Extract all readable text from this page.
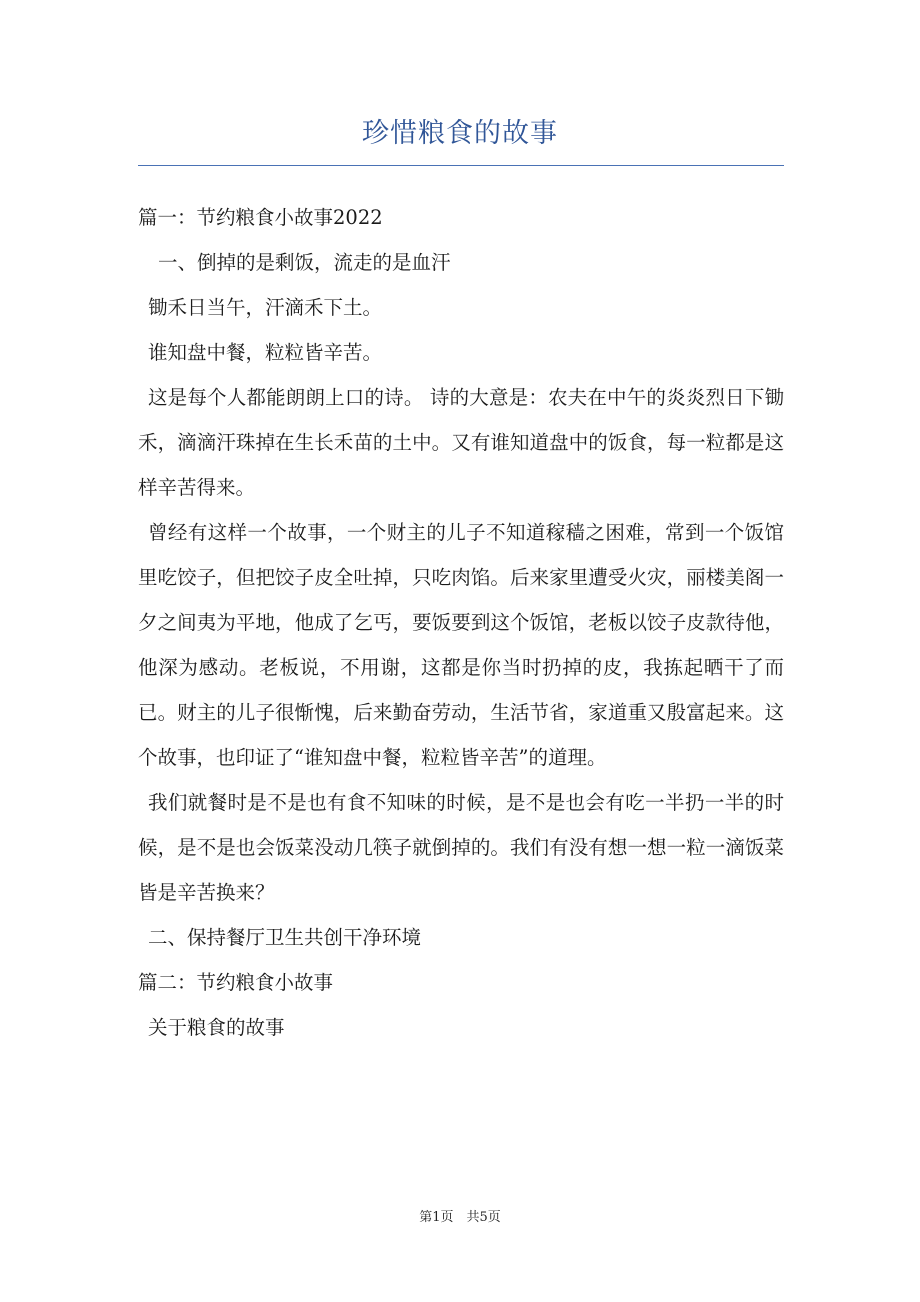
珍惜粮食的故事

篇一：节约粮食小故事2022

一、倒掉的是剩饭，流走的是血汗

锄禾日当午，汗滴禾下土。

谁知盘中餐，粒粒皆辛苦。

这是每个人都能朗朗上口的诗。 诗的大意是：农夫在中午的炎炎烈日下锄禾，滴滴汗珠掉在生长禾苗的土中。又有谁知道盘中的饭食，每一粒都是这样辛苦得来。

曾经有这样一个故事，一个财主的儿子不知道稼穑之困难，常到一个饭馆里吃饺子，但把饺子皮全吐掉，只吃肉馅。后来家里遭受火灾，丽楼美阁一夕之间夷为平地，他成了乞丐，要饭要到这个饭馆，老板以饺子皮款待他，他深为感动。老板说，不用谢，这都是你当时扔掉的皮，我拣起晒干了而已。财主的儿子很惭愧，后来勤奋劳动，生活节省，家道重又殷富起来。这个故事，也印证了“谁知盘中餐，粒粒皆辛苦”的道理。

我们就餐时是不是也有食不知味的时候，是不是也会有吃一半扔一半的时候，是不是也会饭菜没动几筷子就倒掉的。我们有没有想一想一粒一滴饭菜皆是辛苦换来？

二、保持餐厅卫生共创干净环境

篇二：节约粮食小故事

关于粮食的故事

第1页　共5页
